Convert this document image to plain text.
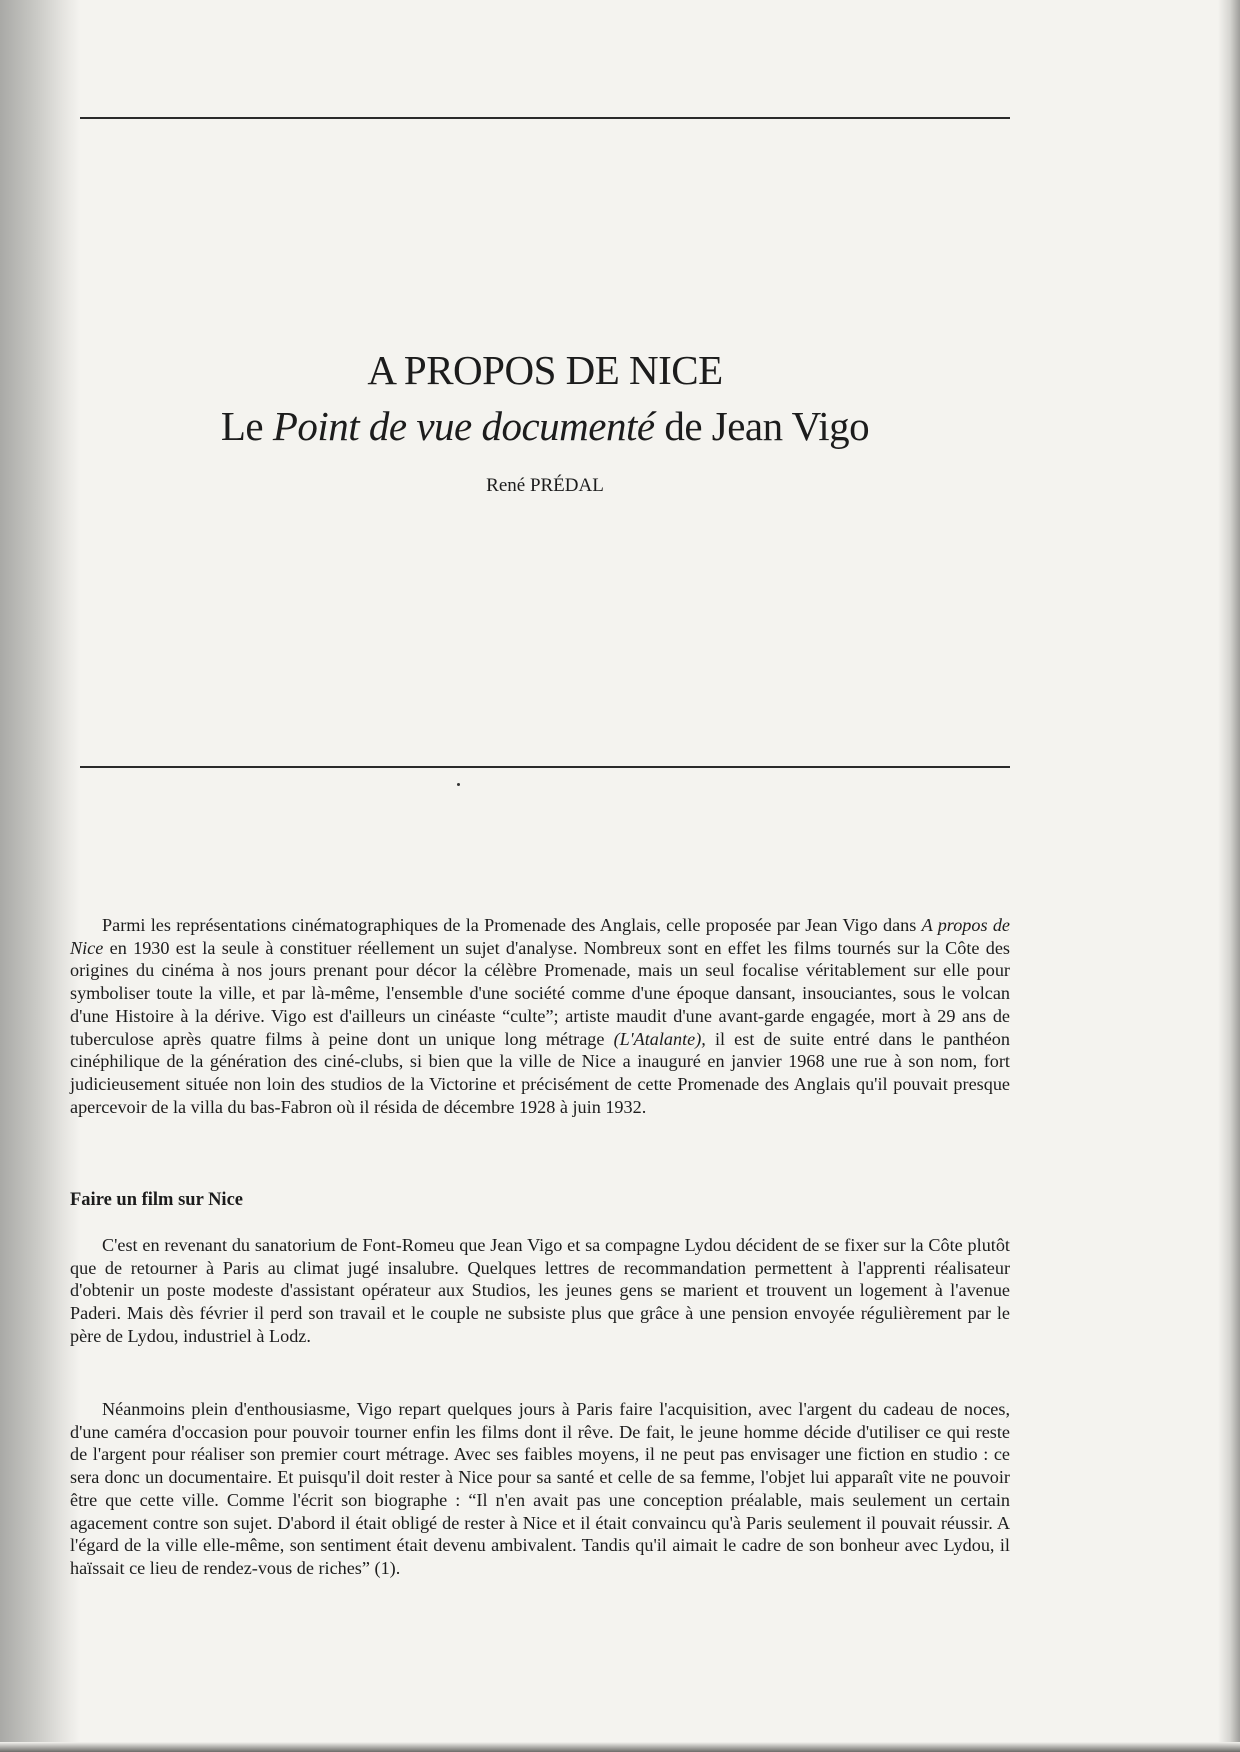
A PROPOS DE NICE
Le Point de vue documenté de Jean Vigo
René PRÉDAL

Parmi les représentations cinématographiques de la Promenade des Anglais, celle proposée par Jean Vigo dans A propos de Nice en 1930 est la seule à constituer réellement un sujet d'analyse. Nombreux sont en effet les films tournés sur la Côte des origines du cinéma à nos jours prenant pour décor la célèbre Promenade, mais un seul focalise véritablement sur elle pour symboliser toute la ville, et par là-même, l'ensemble d'une société comme d'une époque dansant, insouciantes, sous le volcan d'une Histoire à la dérive. Vigo est d'ailleurs un cinéaste “culte”; artiste maudit d'une avant-garde engagée, mort à 29 ans de tuberculose après quatre films à peine dont un unique long métrage (L'Atalante), il est de suite entré dans le panthéon cinéphilique de la génération des ciné-clubs, si bien que la ville de Nice a inauguré en janvier 1968 une rue à son nom, fort judicieusement située non loin des studios de la Victorine et précisément de cette Promenade des Anglais qu'il pouvait presque apercevoir de la villa du bas-Fabron où il résida de décembre 1928 à juin 1932.

Faire un film sur Nice

C'est en revenant du sanatorium de Font-Romeu que Jean Vigo et sa compagne Lydou décident de se fixer sur la Côte plutôt que de retourner à Paris au climat jugé insalubre. Quelques lettres de recommandation permettent à l'apprenti réalisateur d'obtenir un poste modeste d'assistant opérateur aux Studios, les jeunes gens se marient et trouvent un logement à l'avenue Paderi. Mais dès février il perd son travail et le couple ne subsiste plus que grâce à une pension envoyée régulièrement par le père de Lydou, industriel à Lodz.

Néanmoins plein d'enthousiasme, Vigo repart quelques jours à Paris faire l'acquisition, avec l'argent du cadeau de noces, d'une caméra d'occasion pour pouvoir tourner enfin les films dont il rêve. De fait, le jeune homme décide d'utiliser ce qui reste de l'argent pour réaliser son premier court métrage. Avec ses faibles moyens, il ne peut pas envisager une fiction en studio : ce sera donc un documentaire. Et puisqu'il doit rester à Nice pour sa santé et celle de sa femme, l'objet lui apparaît vite ne pouvoir être que cette ville. Comme l'écrit son biographe : “Il n'en avait pas une conception préalable, mais seulement un certain agacement contre son sujet. D'abord il était obligé de rester à Nice et il était convaincu qu'à Paris seulement il pouvait réussir. A l'égard de la ville elle-même, son sentiment était devenu ambivalent. Tandis qu'il aimait le cadre de son bonheur avec Lydou, il haïssait ce lieu de rendez-vous de riches” (1).
